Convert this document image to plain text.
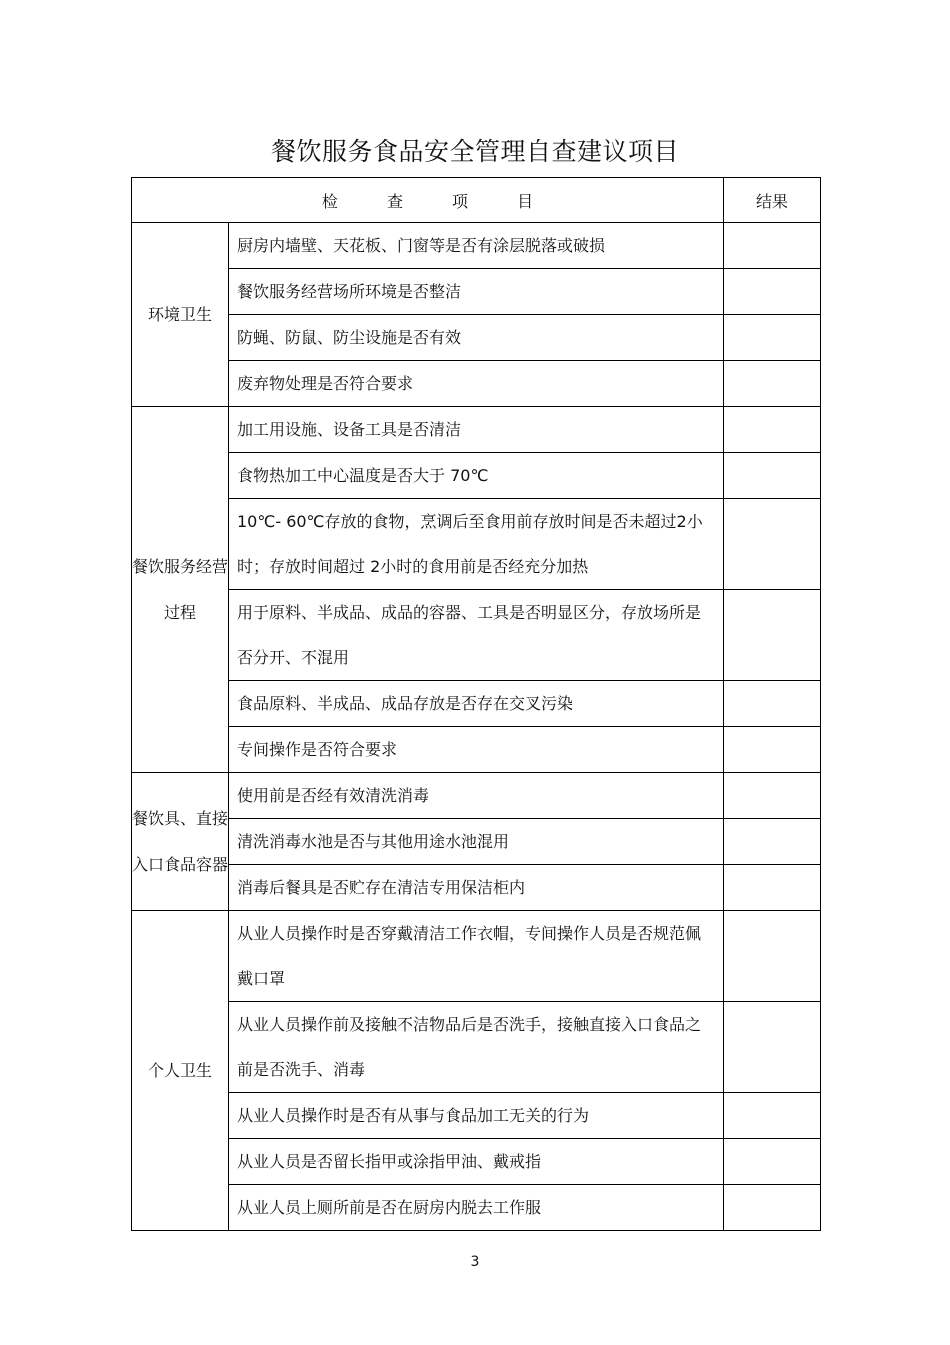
餐饮服务食品安全管理自查建议项目
检 查 项 目		结果
环境卫生	厨房内墙壁、天花板、门窗等是否有涂层脱落或破损	
	餐饮服务经营场所环境是否整洁	
	防蝇、防鼠、防尘设施是否有效	
	废弃物处理是否符合要求	
餐饮服务经营过程	加工用设施、设备工具是否清洁	
	食物热加工中心温度是否大于 70℃	
	10℃- 60℃存放的食物，烹调后至食用前存放时间是否未超过2小时；存放时间超过 2小时的食用前是否经充分加热	
	用于原料、半成品、成品的容器、工具是否明显区分，存放场所是否分开、不混用	
	食品原料、半成品、成品存放是否存在交叉污染	
	专间操作是否符合要求	
餐饮具、直接入口食品容器	使用前是否经有效清洗消毒	
	清洗消毒水池是否与其他用途水池混用	
	消毒后餐具是否贮存在清洁专用保洁柜内	
个人卫生	从业人员操作时是否穿戴清洁工作衣帽，专间操作人员是否规范佩戴口罩	
	从业人员操作前及接触不洁物品后是否洗手，接触直接入口食品之前是否洗手、消毒	
	从业人员操作时是否有从事与食品加工无关的行为	
	从业人员是否留长指甲或涂指甲油、戴戒指	
	从业人员上厕所前是否在厨房内脱去工作服	
3
